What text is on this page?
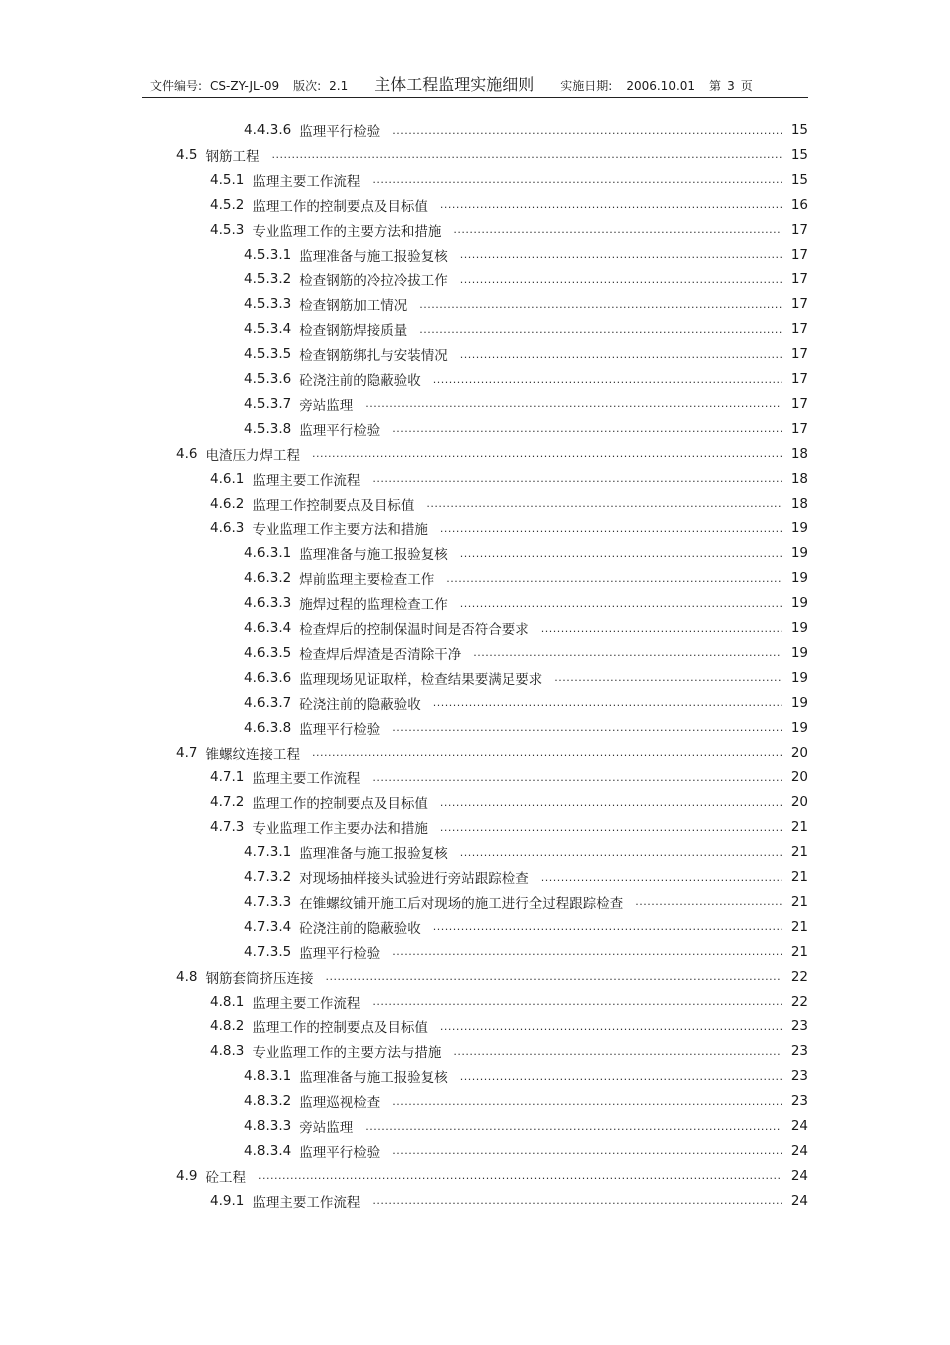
文件编号: CS-ZY-JL-09 版次: 2.1 主体工程监理实施细则 实施日期: 2006.10.01 第 3 页
4.4.3.6 监理平行检验 .....	15
4.5 钢筋工程 .....	15
4.5.1 监理主要工作流程 .....	15
4.5.2 监理工作的控制要点及目标值 .....	16
4.5.3 专业监理工作的主要方法和措施 .....	17
4.5.3.1 监理准备与施工报验复核 .....	17
4.5.3.2 检查钢筋的冷拉冷拔工作 .....	17
4.5.3.3 检查钢筋加工情况 .....	17
4.5.3.4 检查钢筋焊接质量 .....	17
4.5.3.5 检查钢筋绑扎与安装情况 .....	17
4.5.3.6 砼浇注前的隐蔽验收 .....	17
4.5.3.7 旁站监理 .....	17
4.5.3.8 监理平行检验 .....	17
4.6 电渣压力焊工程 .....	18
4.6.1 监理主要工作流程 .....	18
4.6.2 监理工作控制要点及目标值 .....	18
4.6.3 专业监理工作主要方法和措施 .....	19
4.6.3.1 监理准备与施工报验复核 .....	19
4.6.3.2 焊前监理主要检查工作 .....	19
4.6.3.3 施焊过程的监理检查工作 .....	19
4.6.3.4 检查焊后的控制保温时间是否符合要求 .....	19
4.6.3.5 检查焊后焊渣是否清除干净 .....	19
4.6.3.6 监理现场见证取样，检查结果要满足要求 .....	19
4.6.3.7 砼浇注前的隐蔽验收 .....	19
4.6.3.8 监理平行检验 .....	19
4.7 锥螺纹连接工程 .....	20
4.7.1 监理主要工作流程 .....	20
4.7.2 监理工作的控制要点及目标值 .....	20
4.7.3 专业监理工作主要办法和措施 .....	21
4.7.3.1 监理准备与施工报验复核 .....	21
4.7.3.2 对现场抽样接头试验进行旁站跟踪检查 .....	21
4.7.3.3 在锥螺纹铺开施工后对现场的施工进行全过程跟踪检查 .....	21
4.7.3.4 砼浇注前的隐蔽验收 .....	21
4.7.3.5 监理平行检验 .....	21
4.8 钢筋套筒挤压连接 .....	22
4.8.1 监理主要工作流程 .....	22
4.8.2 监理工作的控制要点及目标值 .....	23
4.8.3 专业监理工作的主要方法与措施 .....	23
4.8.3.1 监理准备与施工报验复核 .....	23
4.8.3.2 监理巡视检查 .....	23
4.8.3.3 旁站监理 .....	24
4.8.3.4 监理平行检验 .....	24
4.9 砼工程 .....	24
4.9.1 监理主要工作流程 .....	24
